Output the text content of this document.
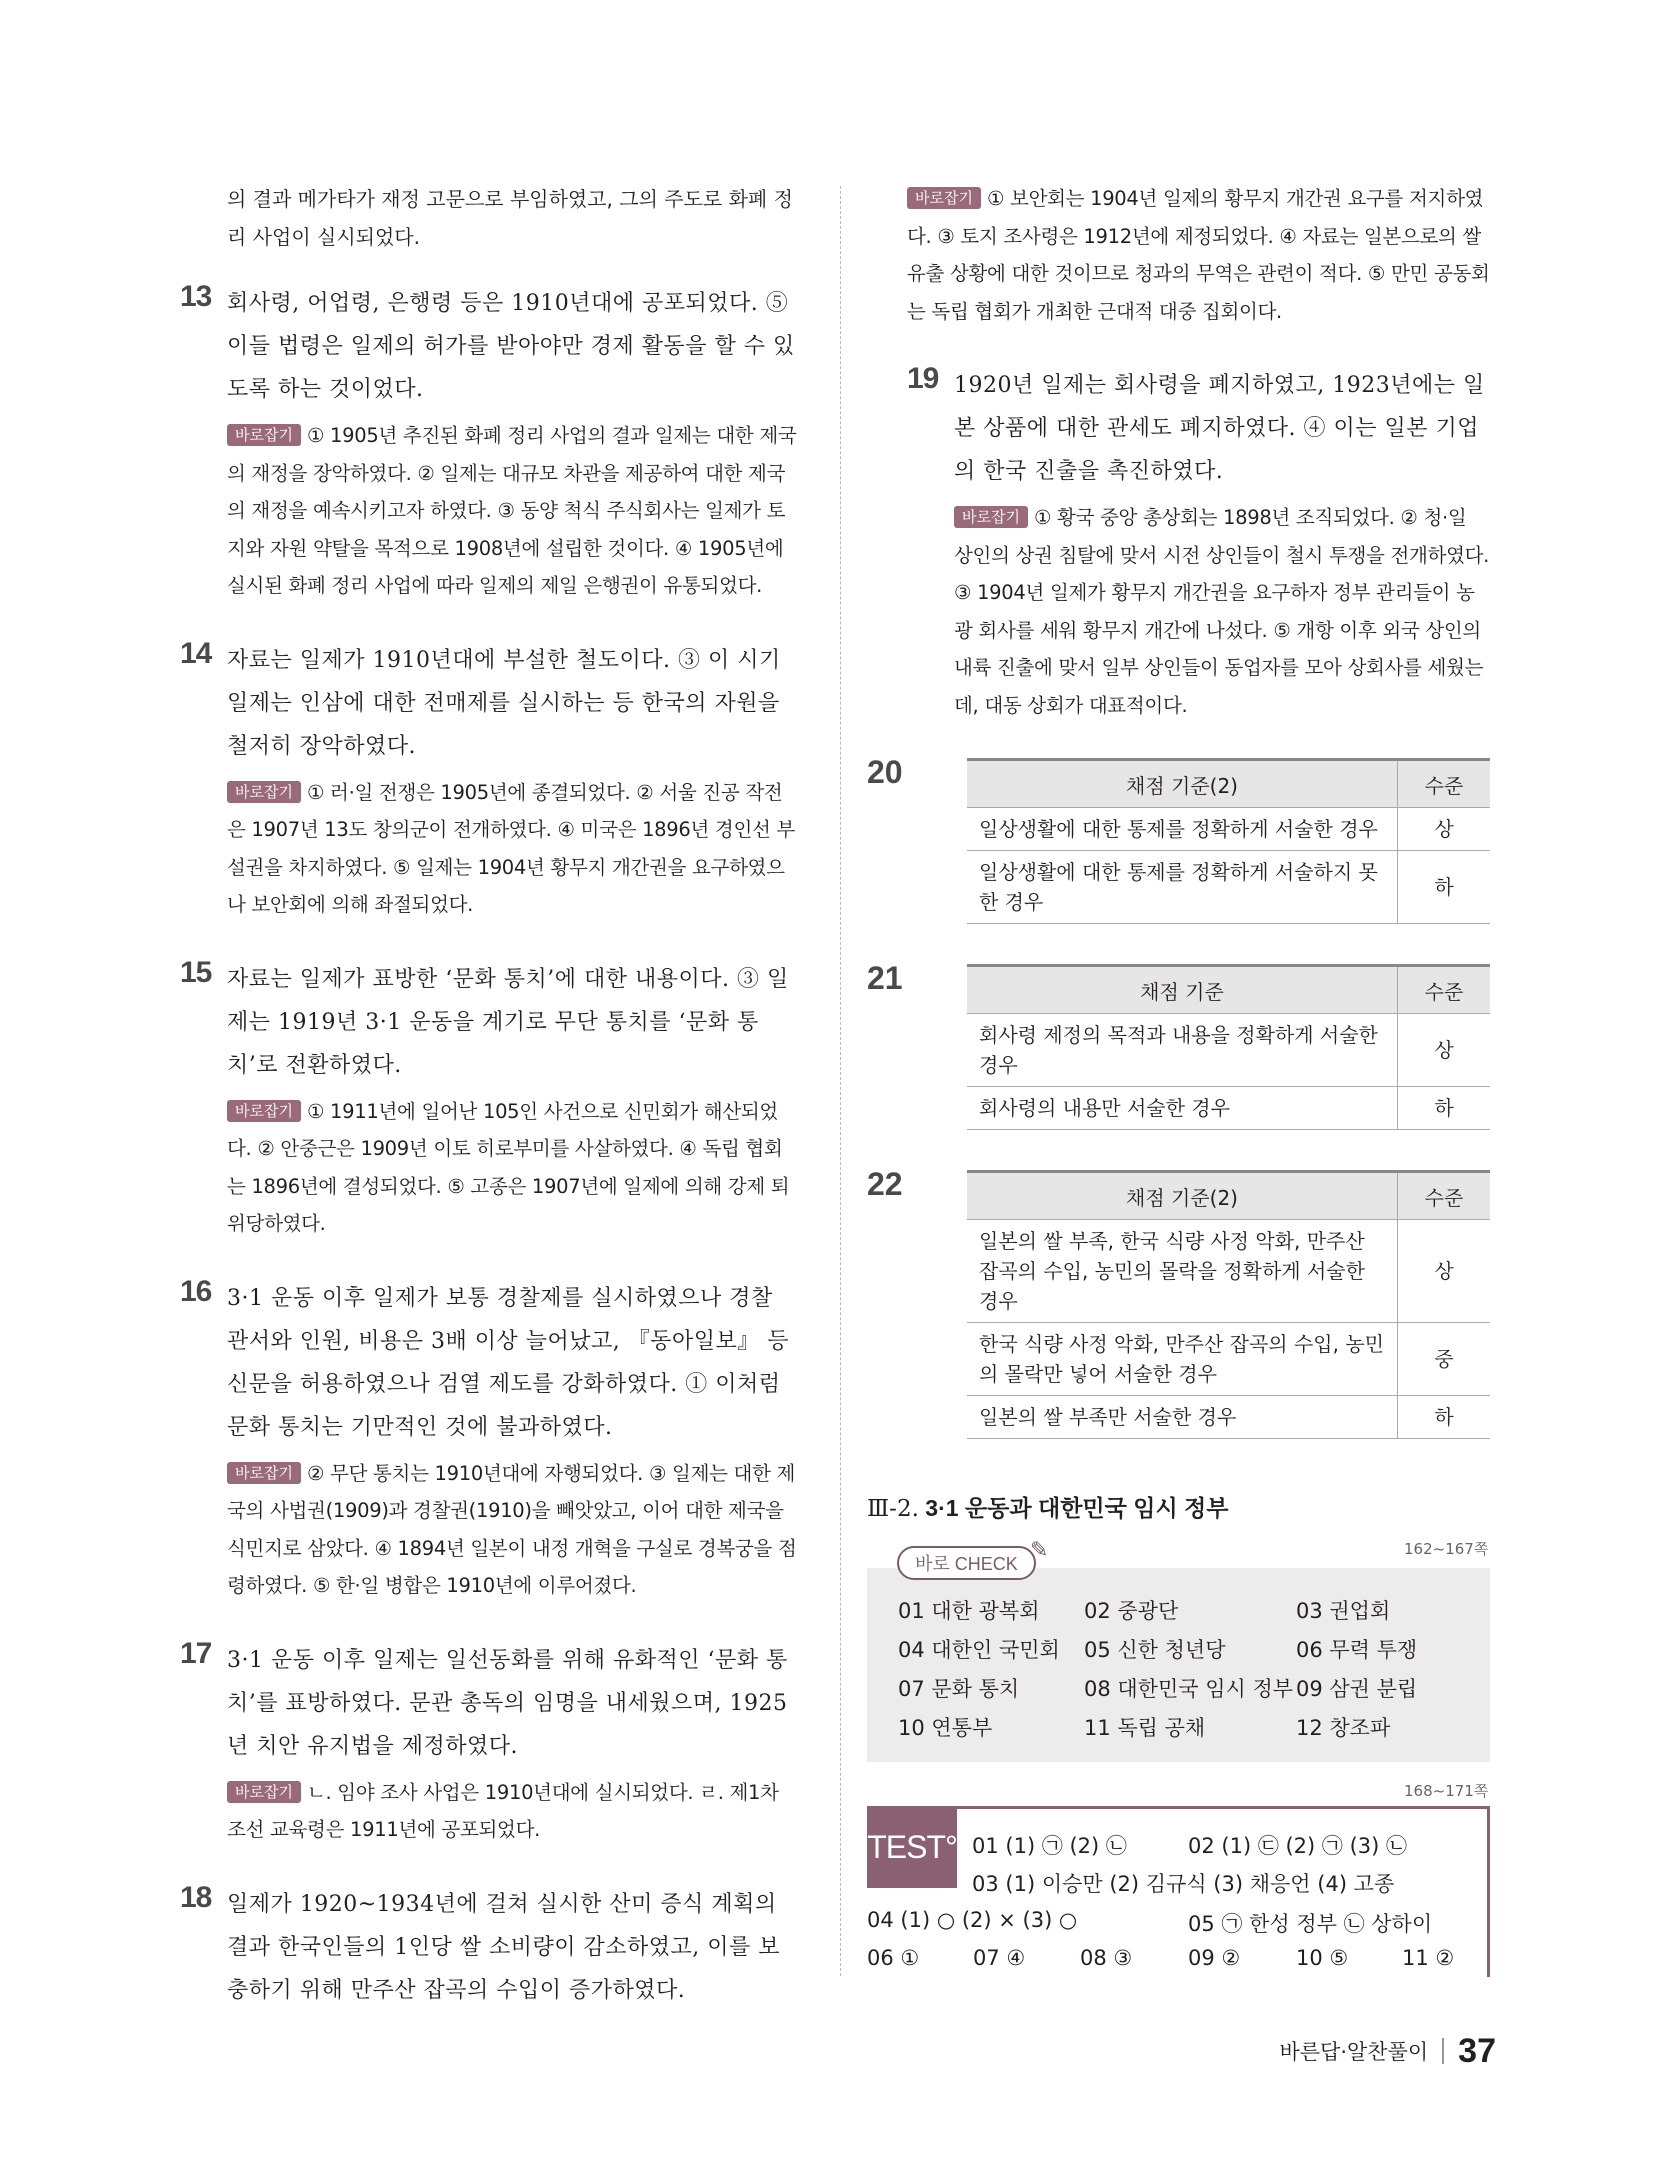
의 결과 메가타가 재정 고문으로 부임하였고, 그의 주도로 화폐 정리 사업이 실시되었다.

13 회사령, 어업령, 은행령 등은 1910년대에 공포되었다. ⑤ 이들 법령은 일제의 허가를 받아야만 경제 활동을 할 수 있도록 하는 것이었다.

바로잡기 ① 1905년 추진된 화폐 정리 사업의 결과 일제는 대한 제국의 재정을 장악하였다. ② 일제는 대규모 차관을 제공하여 대한 제국의 재정을 예속시키고자 하였다. ③ 동양 척식 주식회사는 일제가 토지와 자원 약탈을 목적으로 1908년에 설립한 것이다. ④ 1905년에 실시된 화폐 정리 사업에 따라 일제의 제일 은행권이 유통되었다.

14 자료는 일제가 1910년대에 부설한 철도이다. ③ 이 시기 일제는 인삼에 대한 전매제를 실시하는 등 한국의 자원을 철저히 장악하였다.

바로잡기 ① 러·일 전쟁은 1905년에 종결되었다. ② 서울 진공 작전은 1907년 13도 창의군이 전개하였다. ④ 미국은 1896년 경인선 부설권을 차지하였다. ⑤ 일제는 1904년 황무지 개간권을 요구하였으나 보안회에 의해 좌절되었다.

15 자료는 일제가 표방한 ‘문화 통치’에 대한 내용이다. ③ 일제는 1919년 3·1 운동을 계기로 무단 통치를 ‘문화 통치’로 전환하였다.

바로잡기 ① 1911년에 일어난 105인 사건으로 신민회가 해산되었다. ② 안중근은 1909년 이토 히로부미를 사살하였다. ④ 독립 협회는 1896년에 결성되었다. ⑤ 고종은 1907년에 일제에 의해 강제 퇴위당하였다.

16 3·1 운동 이후 일제가 보통 경찰제를 실시하였으나 경찰 관서와 인원, 비용은 3배 이상 늘어났고, 『동아일보』 등 신문을 허용하였으나 검열 제도를 강화하였다. ① 이처럼 문화 통치는 기만적인 것에 불과하였다.

바로잡기 ② 무단 통치는 1910년대에 자행되었다. ③ 일제는 대한 제국의 사법권(1909)과 경찰권(1910)을 빼앗았고, 이어 대한 제국을 식민지로 삼았다. ④ 1894년 일본이 내정 개혁을 구실로 경복궁을 점령하였다. ⑤ 한·일 병합은 1910년에 이루어졌다.

17 3·1 운동 이후 일제는 일선동화를 위해 유화적인 ‘문화 통치’를 표방하였다. 문관 총독의 임명을 내세웠으며, 1925년 치안 유지법을 제정하였다.

바로잡기 ㄴ. 임야 조사 사업은 1910년대에 실시되었다. ㄹ. 제1차 조선 교육령은 1911년에 공포되었다.

18 일제가 1920~1934년에 걸쳐 실시한 산미 증식 계획의 결과 한국인들의 1인당 쌀 소비량이 감소하였고, 이를 보충하기 위해 만주산 잡곡의 수입이 증가하였다.

바로잡기 ① 보안회는 1904년 일제의 황무지 개간권 요구를 저지하였다. ③ 토지 조사령은 1912년에 제정되었다. ④ 자료는 일본으로의 쌀 유출 상황에 대한 것이므로 청과의 무역은 관련이 적다. ⑤ 만민 공동회는 독립 협회가 개최한 근대적 대중 집회이다.

19 1920년 일제는 회사령을 폐지하였고, 1923년에는 일본 상품에 대한 관세도 폐지하였다. ④ 이는 일본 기업의 한국 진출을 촉진하였다.

바로잡기 ① 황국 중앙 총상회는 1898년 조직되었다. ② 청·일 상인의 상권 침탈에 맞서 시전 상인들이 철시 투쟁을 전개하였다. ③ 1904년 일제가 황무지 개간권을 요구하자 정부 관리들이 농광 회사를 세워 황무지 개간에 나섰다. ⑤ 개항 이후 외국 상인의 내륙 진출에 맞서 일부 상인들이 동업자를 모아 상회사를 세웠는데, 대동 상회가 대표적이다.

20	채점 기준(2)	수준
일상생활에 대한 통제를 정확하게 서술한 경우	상
일상생활에 대한 통제를 정확하게 서술하지 못한 경우	하
21	채점 기준	수준
회사령 제정의 목적과 내용을 정확하게 서술한 경우	상
회사령의 내용만 서술한 경우	하
22	채점 기준(2)	수준
일본의 쌀 부족, 한국 식량 사정 악화, 만주산 잡곡의 수입, 농민의 몰락을 정확하게 서술한 경우	상
한국 식량 사정 악화, 만주산 잡곡의 수입, 농민의 몰락만 넣어 서술한 경우	중
일본의 쌀 부족만 서술한 경우	하
Ⅲ-2. 3·1 운동과 대한민국 임시 정부
162~167쪽
바로 CHECK
✎
01 대한 광복회 02 중광단	03 권업회
04 대한인 국민회 05 신한 청년당	06 무력 투쟁
07 문화 통치	08 대한민국 임시 정부 09 삼권 분립
10 연통부	11 독립 공채	12 창조파
168~171쪽
TEST° 01 (1) ㉠ (2) ㉡	02 (1) ㉢ (2) ㉠ (3) ㉡
03 (1) 이승만 (2) 김규식 (3) 채응언 (4) 고종
04 (1) ○ (2) × (3) ○	05 ㉠ 한성 정부 ㉡ 상하이
06 ①	07 ④	08 ③	09 ②	10 ⑤	11 ②
바른답·알찬풀이 37
